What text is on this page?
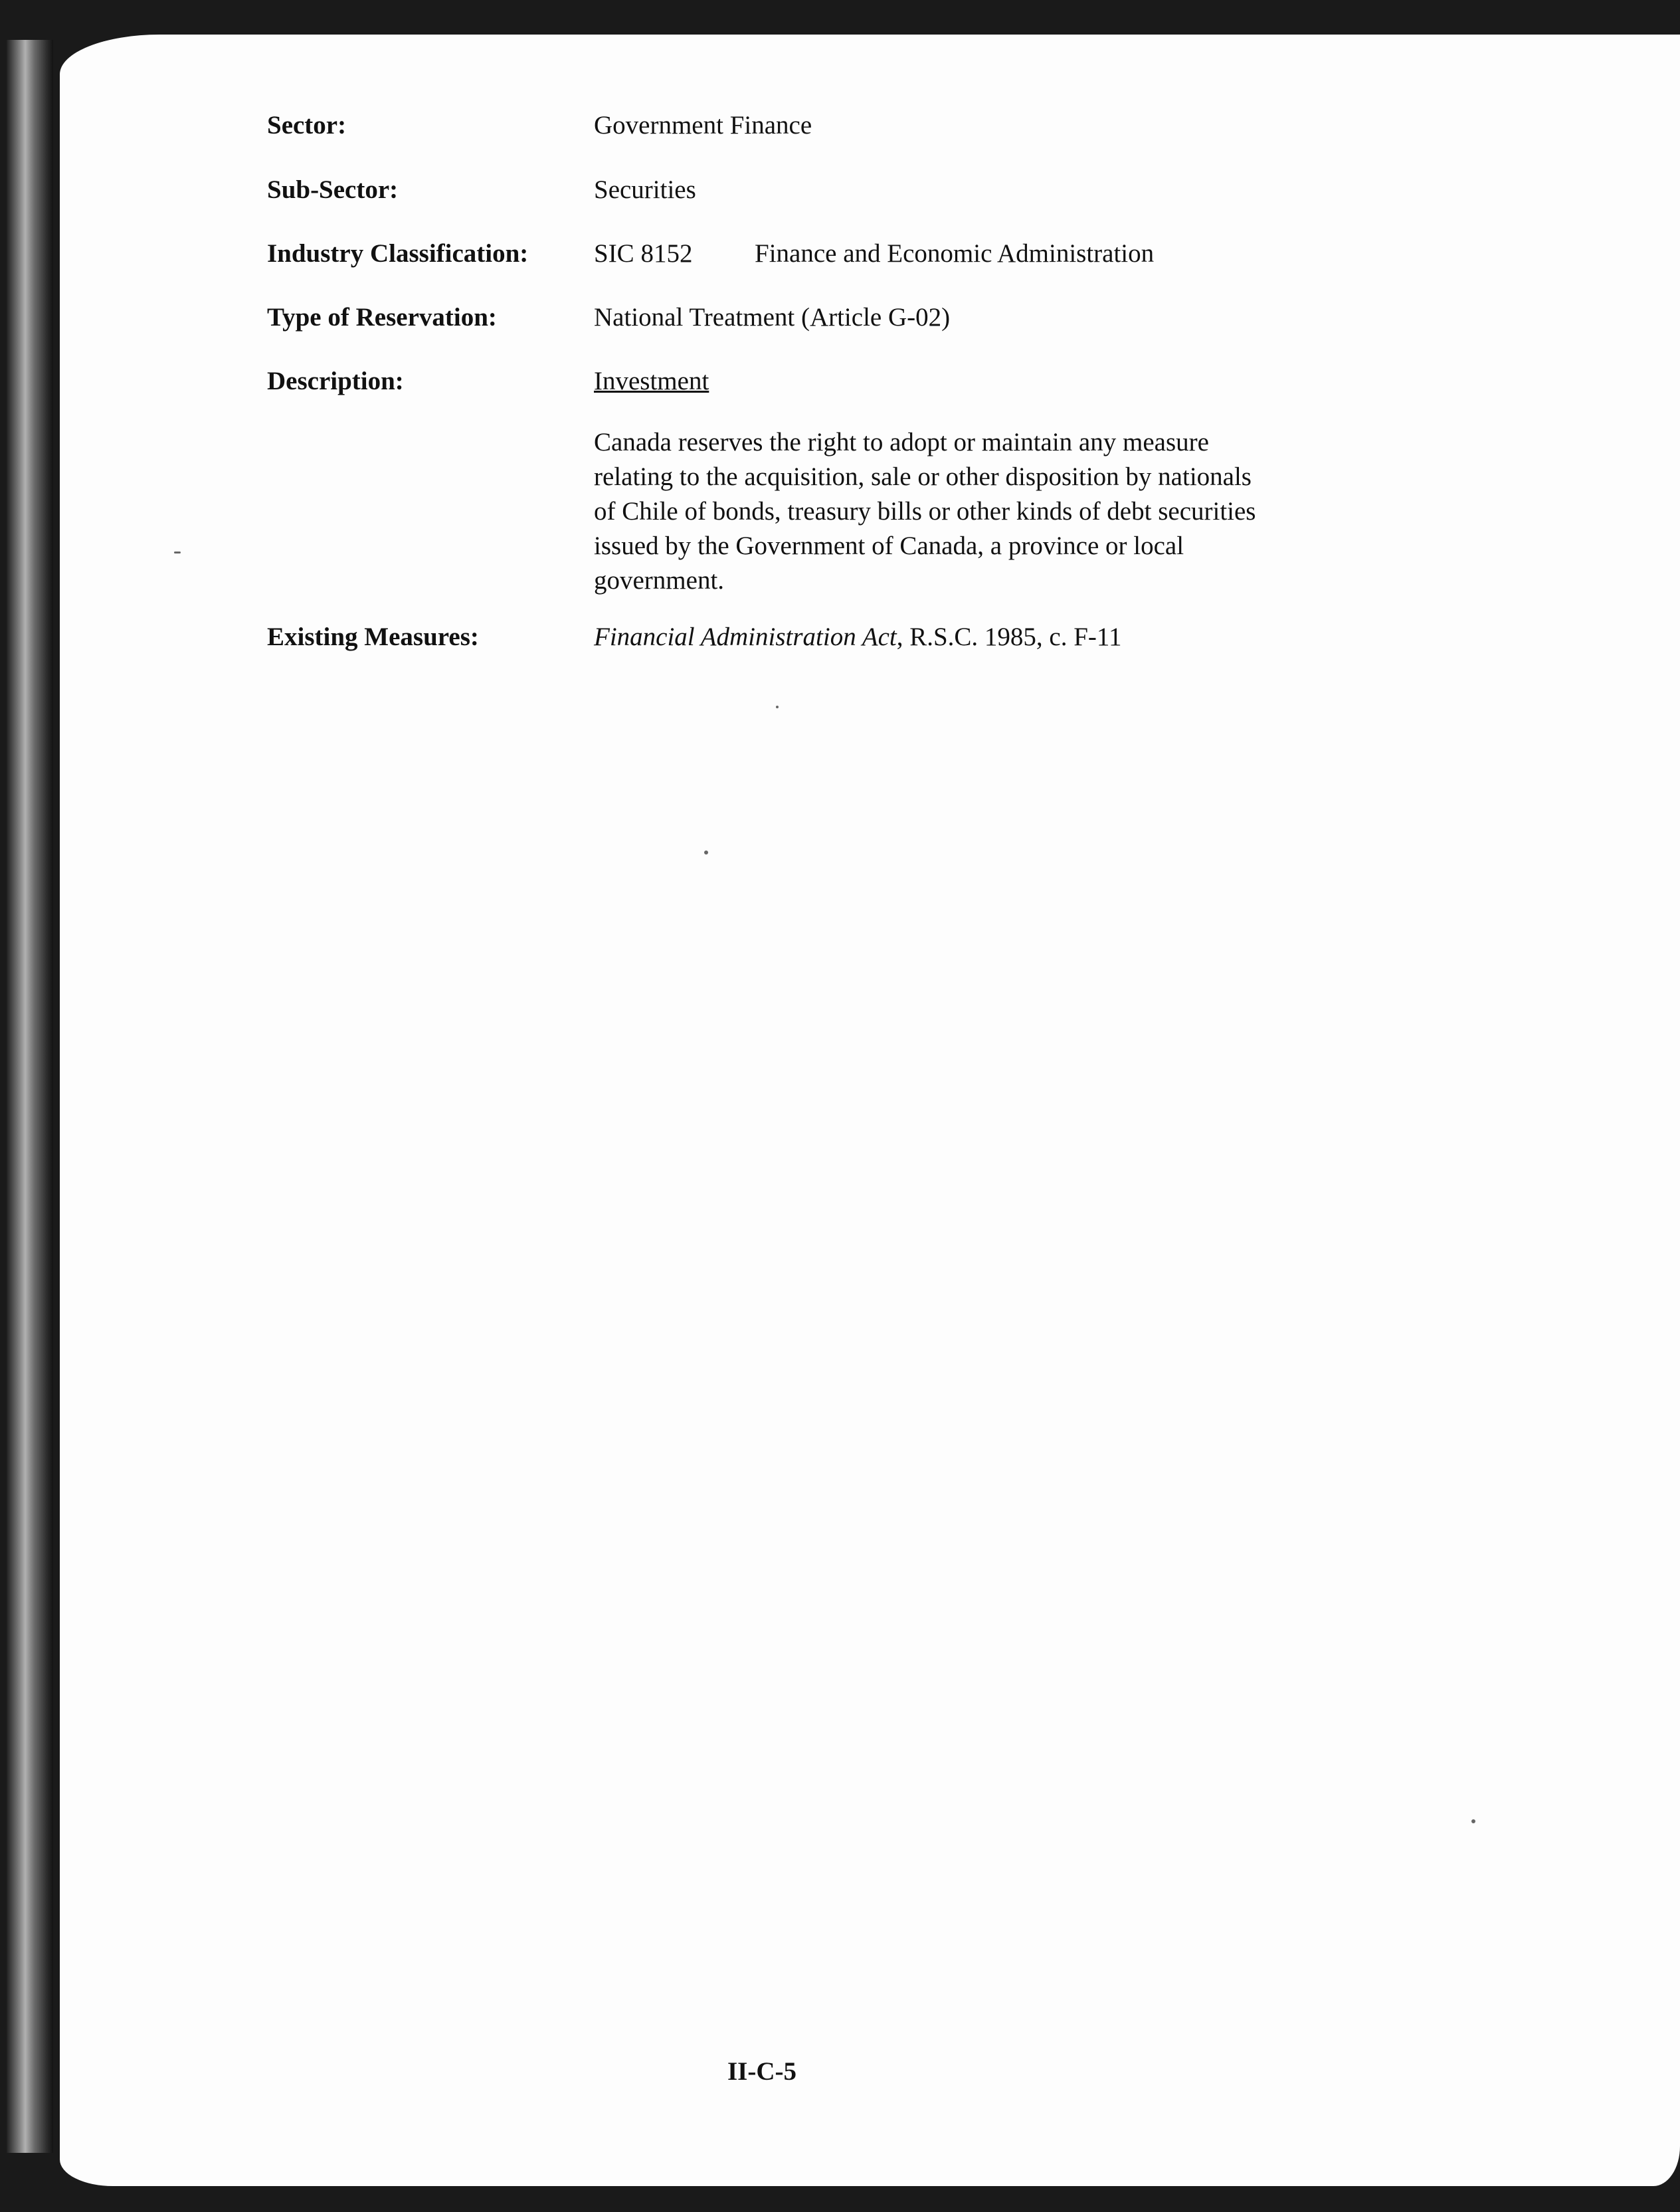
Sector:	Government Finance
Sub-Sector:	Securities
Industry Classification:	SIC 8152 Finance and Economic Administration
Type of Reservation:	National Treatment (Article G-02)
Description:	Investment
Canada reserves the right to adopt or maintain any measure
relating to the acquisition, sale or other disposition by nationals
of Chile of bonds, treasury bills or other kinds of debt securities
issued by the Government of Canada, a province or local
government.
Existing Measures:	Financial Administration Act, R.S.C. 1985, c. F-11
II-C-5
